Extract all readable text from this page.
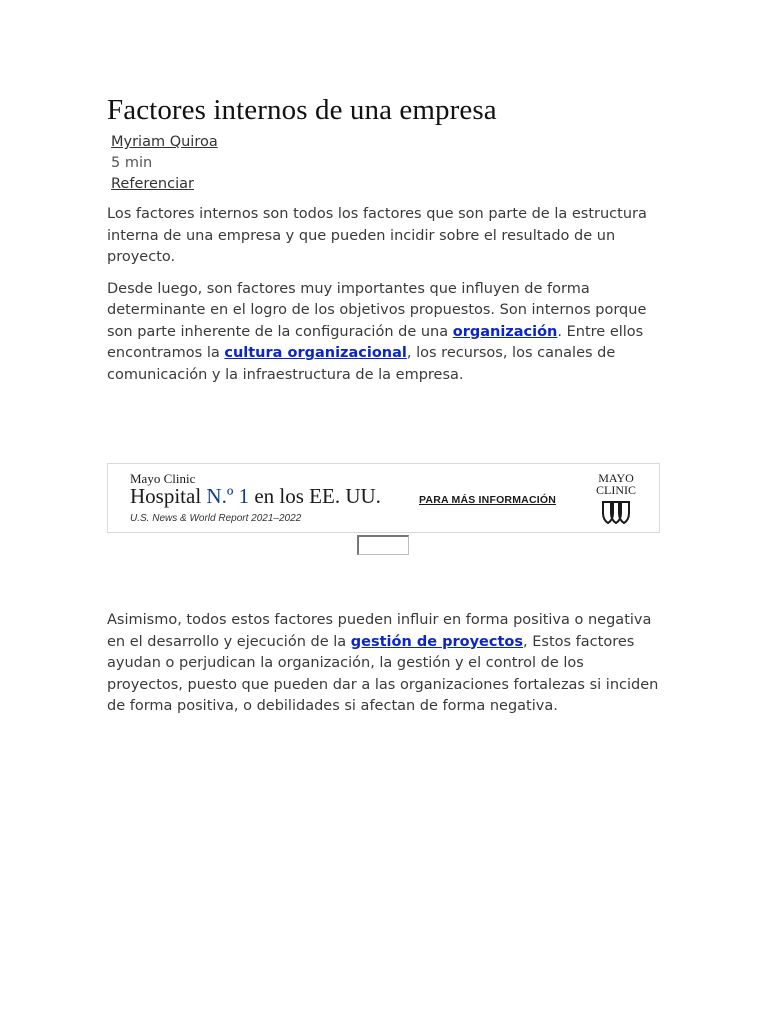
Factores internos de una empresa
Myriam Quiroa
5 min
Referenciar

Los factores internos son todos los factores que son parte de la estructura interna de una empresa y que pueden incidir sobre el resultado de un proyecto.

Desde luego, son factores muy importantes que influyen de forma determinante en el logro de los objetivos propuestos. Son internos porque son parte inherente de la configuración de una organización. Entre ellos encontramos la cultura organizacional, los recursos, los canales de comunicación y la infraestructura de la empresa.

Mayo Clinic
Hospital N.º 1 en los EE. UU.
U.S. News & World Report 2021–2022
PARA MÁS INFORMACIÓN
MAYO
CLINIC

Asimismo, todos estos factores pueden influir en forma positiva o negativa en el desarrollo y ejecución de la gestión de proyectos, Estos factores ayudan o perjudican la organización, la gestión y el control de los proyectos, puesto que pueden dar a las organizaciones fortalezas si inciden de forma positiva, o debilidades si afectan de forma negativa.
